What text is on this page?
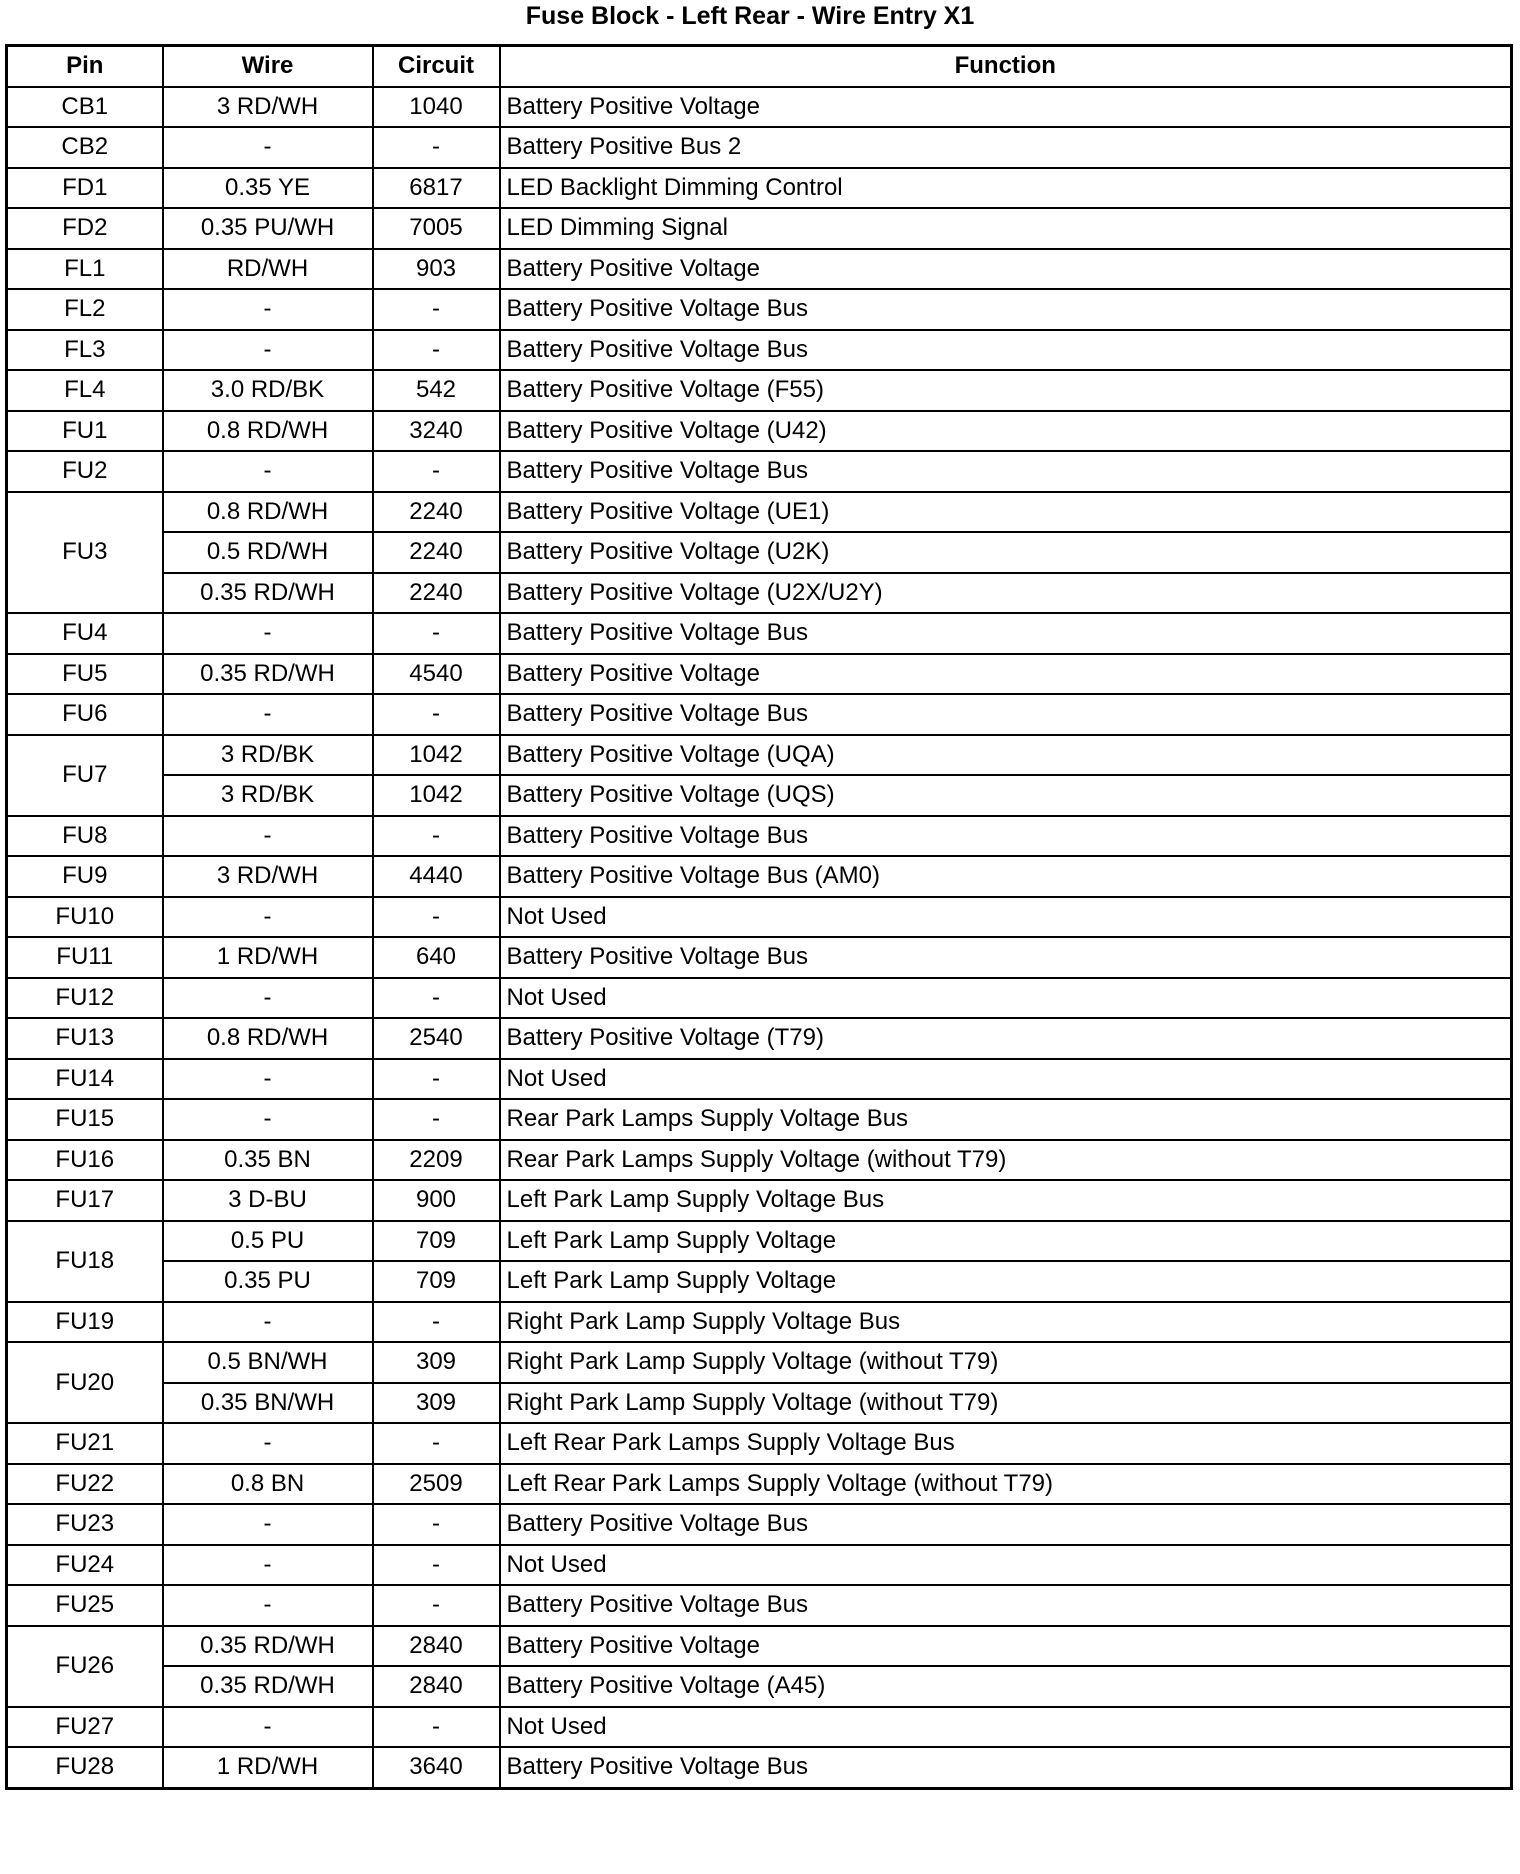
Fuse Block - Left Rear - Wire Entry X1
Pin	Wire	Circuit	Function
CB1	3 RD/WH	1040	Battery Positive Voltage
CB2	-	-	Battery Positive Bus 2
FD1	0.35 YE	6817	LED Backlight Dimming Control
FD2	0.35 PU/WH	7005	LED Dimming Signal
FL1	RD/WH	903	Battery Positive Voltage
FL2	-	-	Battery Positive Voltage Bus
FL3	-	-	Battery Positive Voltage Bus
FL4	3.0 RD/BK	542	Battery Positive Voltage (F55)
FU1	0.8 RD/WH	3240	Battery Positive Voltage (U42)
FU2	-	-	Battery Positive Voltage Bus
FU3	0.8 RD/WH	2240	Battery Positive Voltage (UE1)
	0.5 RD/WH	2240	Battery Positive Voltage (U2K)
	0.35 RD/WH	2240	Battery Positive Voltage (U2X/U2Y)
FU4	-	-	Battery Positive Voltage Bus
FU5	0.35 RD/WH	4540	Battery Positive Voltage
FU6	-	-	Battery Positive Voltage Bus
FU7	3 RD/BK	1042	Battery Positive Voltage (UQA)
	3 RD/BK	1042	Battery Positive Voltage (UQS)
FU8	-	-	Battery Positive Voltage Bus
FU9	3 RD/WH	4440	Battery Positive Voltage Bus (AM0)
FU10	-	-	Not Used
FU11	1 RD/WH	640	Battery Positive Voltage Bus
FU12	-	-	Not Used
FU13	0.8 RD/WH	2540	Battery Positive Voltage (T79)
FU14	-	-	Not Used
FU15	-	-	Rear Park Lamps Supply Voltage Bus
FU16	0.35 BN	2209	Rear Park Lamps Supply Voltage (without T79)
FU17	3 D-BU	900	Left Park Lamp Supply Voltage Bus
FU18	0.5 PU	709	Left Park Lamp Supply Voltage
	0.35 PU	709	Left Park Lamp Supply Voltage
FU19	-	-	Right Park Lamp Supply Voltage Bus
FU20	0.5 BN/WH	309	Right Park Lamp Supply Voltage (without T79)
	0.35 BN/WH	309	Right Park Lamp Supply Voltage (without T79)
FU21	-	-	Left Rear Park Lamps Supply Voltage Bus
FU22	0.8 BN	2509	Left Rear Park Lamps Supply Voltage (without T79)
FU23	-	-	Battery Positive Voltage Bus
FU24	-	-	Not Used
FU25	-	-	Battery Positive Voltage Bus
FU26	0.35 RD/WH	2840	Battery Positive Voltage
	0.35 RD/WH	2840	Battery Positive Voltage (A45)
FU27	-	-	Not Used
FU28	1 RD/WH	3640	Battery Positive Voltage Bus
